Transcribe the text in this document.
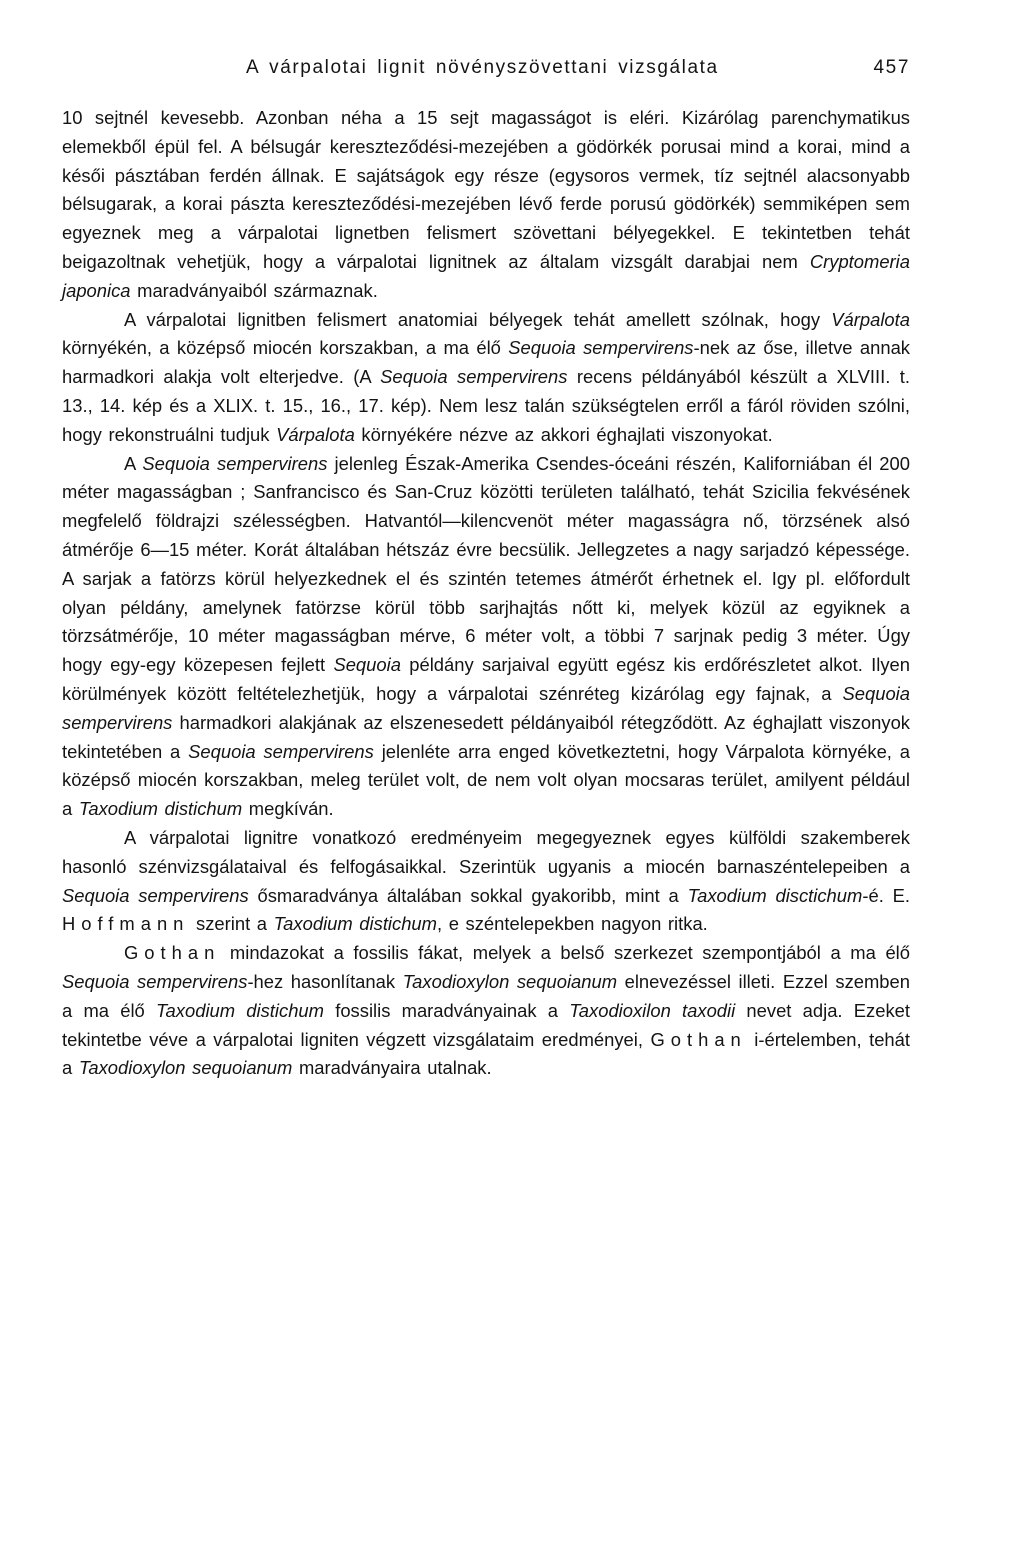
A várpalotai lignit növényszövettani vizsgálata	457

10 sejtnél kevesebb. Azonban néha a 15 sejt magasságot is eléri. Kizárólag parenchymatikus elemekből épül fel. A bélsugár kereszteződési-mezejében a gödörkék porusai mind a korai, mind a késői pásztában ferdén állnak. E sajátságok egy része (egysoros vermek, tíz sejtnél alacsonyabb bélsugarak, a korai pászta kereszteződési-mezejében lévő ferde porusú gödörkék) semmiképen sem egyeznek meg a várpalotai lignetben felismert szövettani bélyegekkel. E tekintetben tehát beigazoltnak vehetjük, hogy a várpalotai lignitnek az általam vizsgált darabjai nem Cryptomeria japonica maradványaiból származnak.

A várpalotai lignitben felismert anatomiai bélyegek tehát amellett szólnak, hogy Várpalota környékén, a középső miocén korszakban, a ma élő Sequoia sempervirens-nek az őse, illetve annak harmadkori alakja volt elterjedve. (A Sequoia sempervirens recens példányából készült a XLVIII. t. 13., 14. kép és a XLIX. t. 15., 16., 17. kép). Nem lesz talán szükségtelen erről a fáról röviden szólni, hogy rekonstruálni tudjuk Várpalota környékére nézve az akkori éghajlati viszonyokat.

A Sequoia sempervirens jelenleg Észak-Amerika Csendes-óceáni részén, Kaliforniában él 200 méter magasságban ; Sanfrancisco és San-Cruz közötti területen található, tehát Szicilia fekvésének megfelelő földrajzi szélességben. Hatvantól—kilencvenöt méter magasságra nő, törzsének alsó átmérője 6—15 méter. Korát általában hétszáz évre becsülik. Jellegzetes a nagy sarjadzó képessége. A sarjak a fatörzs körül helyezkednek el és szintén tetemes átmérőt érhetnek el. Igy pl. előfordult olyan példány, amelynek fatörzse körül több sarjhajtás nőtt ki, melyek közül az egyiknek a törzsátmérője, 10 méter magasságban mérve, 6 méter volt, a többi 7 sarjnak pedig 3 méter. Úgy hogy egy-egy közepesen fejlett Sequoia példány sarjaival együtt egész kis erdőrészletet alkot. Ilyen körülmények között feltételezhetjük, hogy a várpalotai szénréteg kizárólag egy fajnak, a Sequoia sempervirens harmadkori alakjának az elszenesedett példányaiból rétegződött. Az éghajlatt viszonyok tekintetében a Sequoia sempervirens jelenléte arra enged következtetni, hogy Várpalota környéke, a középső miocén korszakban, meleg terület volt, de nem volt olyan mocsaras terület, amilyent például a Taxodium distichum megkíván.

A várpalotai lignitre vonatkozó eredményeim megegyeznek egyes külföldi szakemberek hasonló szénvizsgálataival és felfogásaikkal. Szerintük ugyanis a miocén barnaszéntelepeiben a Sequoia sempervirens ősmaradványa általában sokkal gyakoribb, mint a Taxodium disctichum-é. E. Hoffmann szerint a Taxodium distichum, e széntelepekben nagyon ritka.

Gothan mindazokat a fossilis fákat, melyek a belső szerkezet szempontjából a ma élő Sequoia sempervirens-hez hasonlítanak Taxodioxylon sequoianum elnevezéssel illeti. Ezzel szemben a ma élő Taxodium distichum fossilis maradványainak a Taxodioxilon taxodii nevet adja. Ezeket tekintetbe véve a várpalotai ligniten végzett vizsgálataim eredményei, Gothan i-értelemben, tehát a Taxodioxylon sequoianum maradványaira utalnak.
